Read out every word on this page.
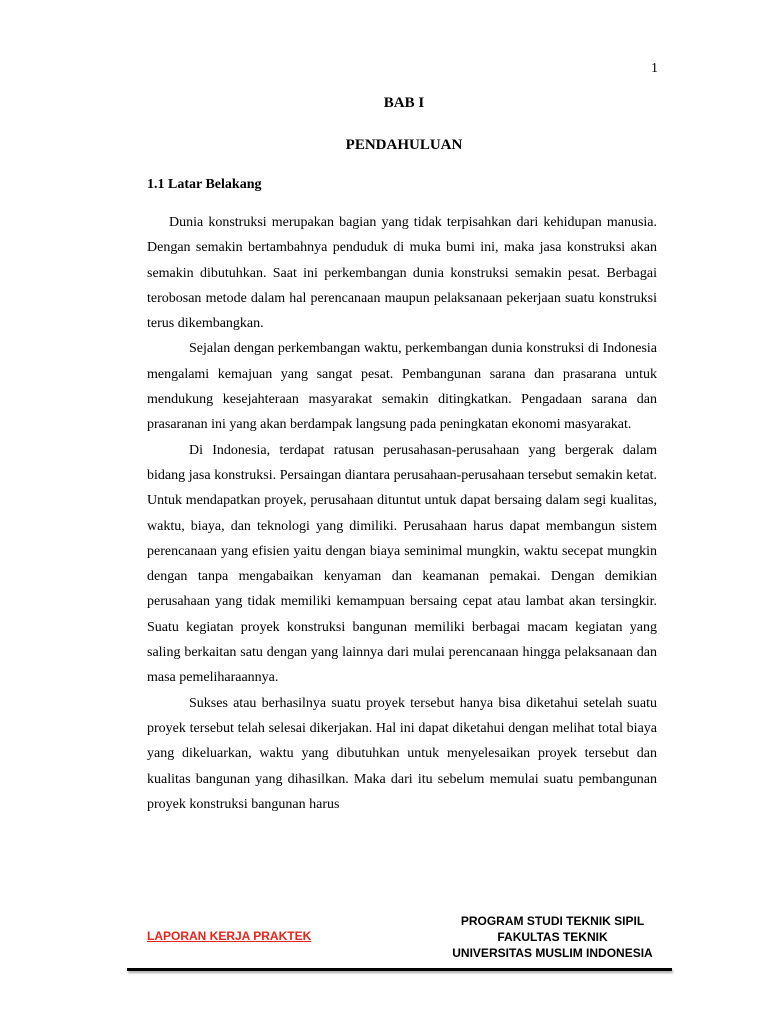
1
BAB I
PENDAHULUAN
1.1 Latar Belakang

Dunia konstruksi merupakan bagian yang tidak terpisahkan dari kehidupan manusia. Dengan semakin bertambahnya penduduk di muka bumi ini, maka jasa konstruksi akan semakin dibutuhkan. Saat ini perkembangan dunia konstruksi semakin pesat. Berbagai terobosan metode dalam hal perencanaan maupun pelaksanaan pekerjaan suatu konstruksi terus dikembangkan.

Sejalan dengan perkembangan waktu, perkembangan dunia konstruksi di Indonesia mengalami kemajuan yang sangat pesat. Pembangunan sarana dan prasarana untuk mendukung kesejahteraan masyarakat semakin ditingkatkan. Pengadaan sarana dan prasaranan ini yang akan berdampak langsung pada peningkatan ekonomi masyarakat.

Di Indonesia, terdapat ratusan perusahasan-perusahaan yang bergerak dalam bidang jasa konstruksi. Persaingan diantara perusahaan-perusahaan tersebut semakin ketat. Untuk mendapatkan proyek, perusahaan dituntut untuk dapat bersaing dalam segi kualitas, waktu, biaya, dan teknologi yang dimiliki. Perusahaan harus dapat membangun sistem perencanaan yang efisien yaitu dengan biaya seminimal mungkin, waktu secepat mungkin dengan tanpa mengabaikan kenyaman dan keamanan pemakai. Dengan demikian perusahaan yang tidak memiliki kemampuan bersaing cepat atau lambat akan tersingkir. Suatu kegiatan proyek konstruksi bangunan memiliki berbagai macam kegiatan yang saling berkaitan satu dengan yang lainnya dari mulai perencanaan hingga pelaksanaan dan masa pemeliharaannya.

Sukses atau berhasilnya suatu proyek tersebut hanya bisa diketahui setelah suatu proyek tersebut telah selesai dikerjakan. Hal ini dapat diketahui dengan melihat total biaya yang dikeluarkan, waktu yang dibutuhkan untuk menyelesaikan proyek tersebut dan kualitas bangunan yang dihasilkan. Maka dari itu sebelum memulai suatu pembangunan proyek konstruksi bangunan harus

LAPORAN KERJA PRAKTEK
PROGRAM STUDI TEKNIK SIPIL
FAKULTAS TEKNIK
UNIVERSITAS MUSLIM INDONESIA
